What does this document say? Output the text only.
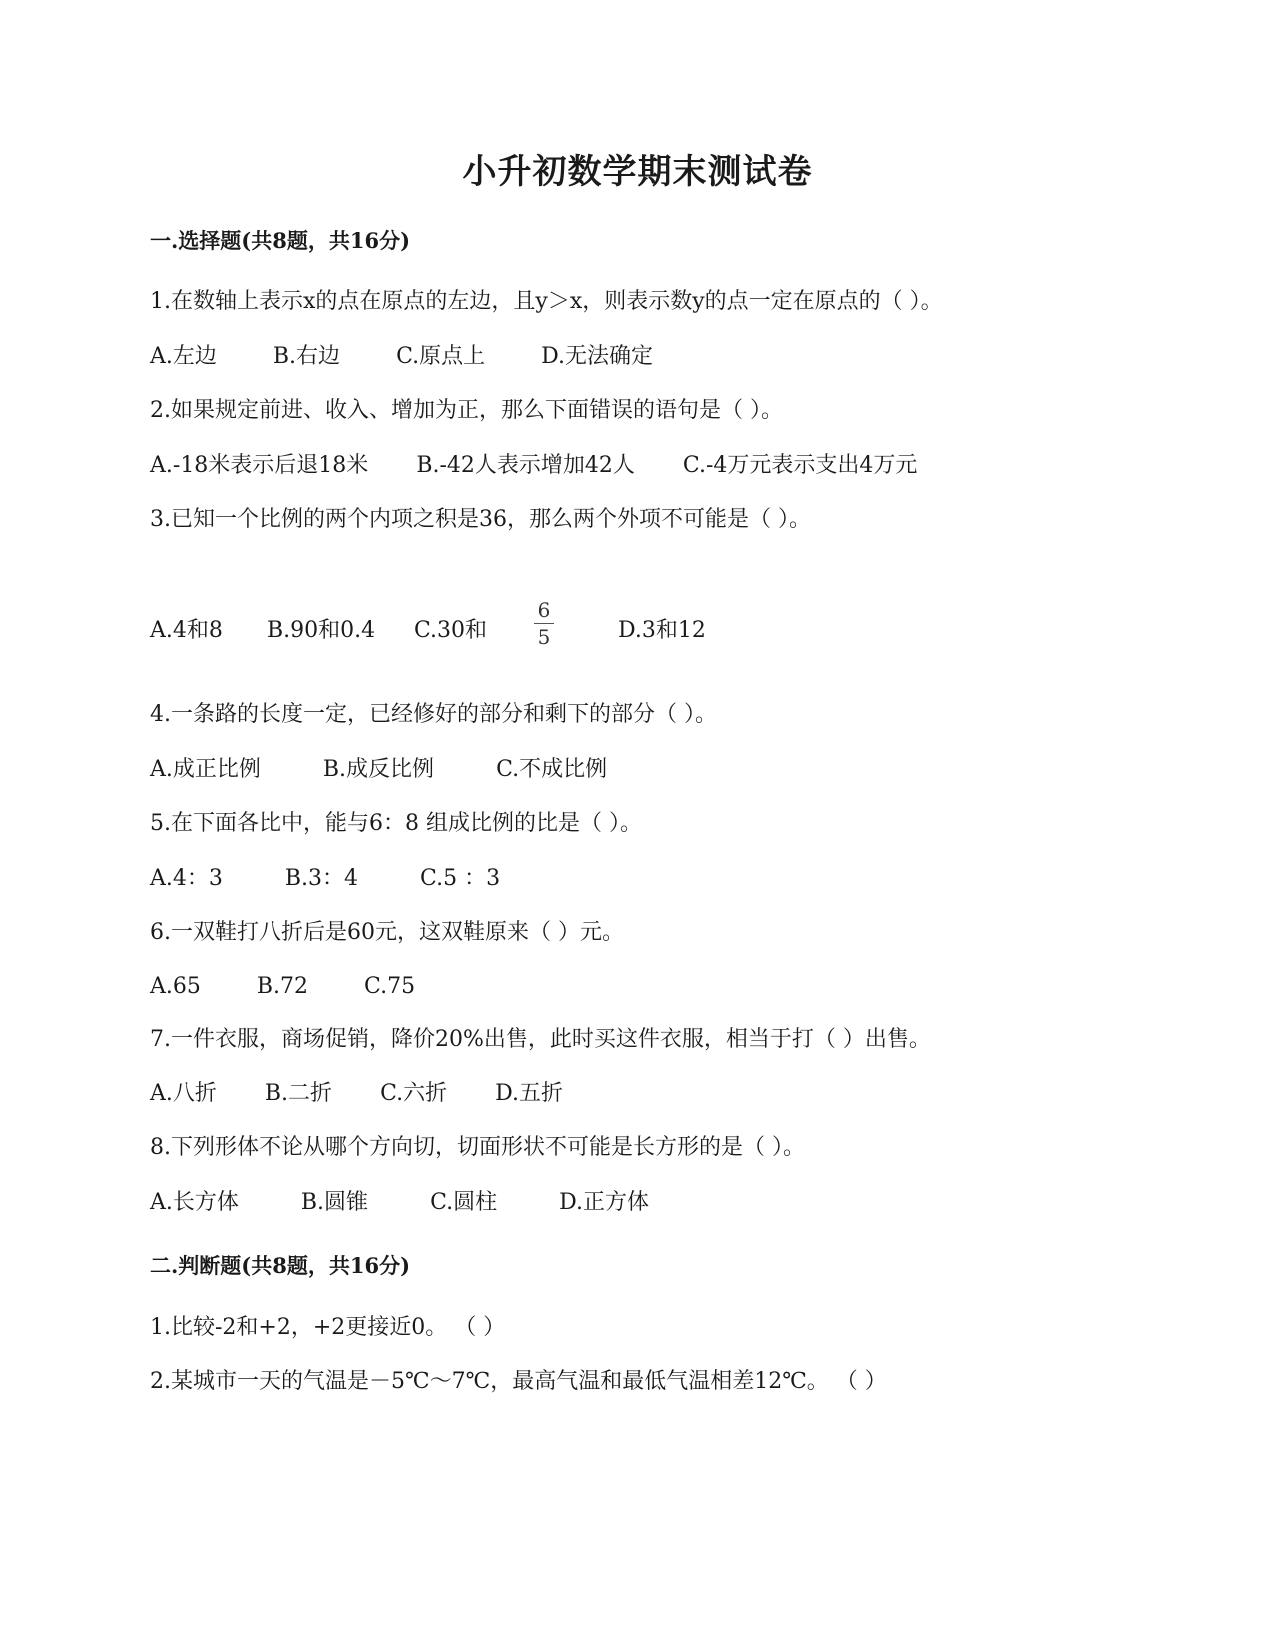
小升初数学期末测试卷
一.选择题(共8题，共16分)
1.在数轴上表示x的点在原点的左边，且y＞x，则表示数y的点一定在原点的（ ）。
A.左边	B.右边	C.原点上	D.无法确定
2.如果规定前进、收入、增加为正，那么下面错误的语句是（ ）。
A.-18米表示后退18米 B.-42人表示增加42人 C.-4万元表示支出4万元
3.已知一个比例的两个内项之积是36，那么两个外项不可能是（ ）。
6
5
A.4和8 B.90和0.4 C.30和	D.3和12
4.一条路的长度一定，已经修好的部分和剩下的部分（ ）。
A.成正比例	B.成反比例	C.不成比例
5.在下面各比中，能与6：8 组成比例的比是（ ）。
A.4：3	B.3：4	C.5 ：3
6.一双鞋打八折后是60元，这双鞋原来（ ）元。
A.65	B.72	C.75
7.一件衣服，商场促销，降价20%出售，此时买这件衣服，相当于打（ ）出售。
A.八折 B.二折 C.六折 D.五折
8.下列形体不论从哪个方向切，切面形状不可能是长方形的是（ ）。
A.长方体	B.圆锥	C.圆柱	D.正方体
二.判断题(共8题，共16分)
1.比较-2和+2，+2更接近0。 （ ）
2.某城市一天的气温是－5℃～7℃，最高气温和最低气温相差12℃。 （ ）
